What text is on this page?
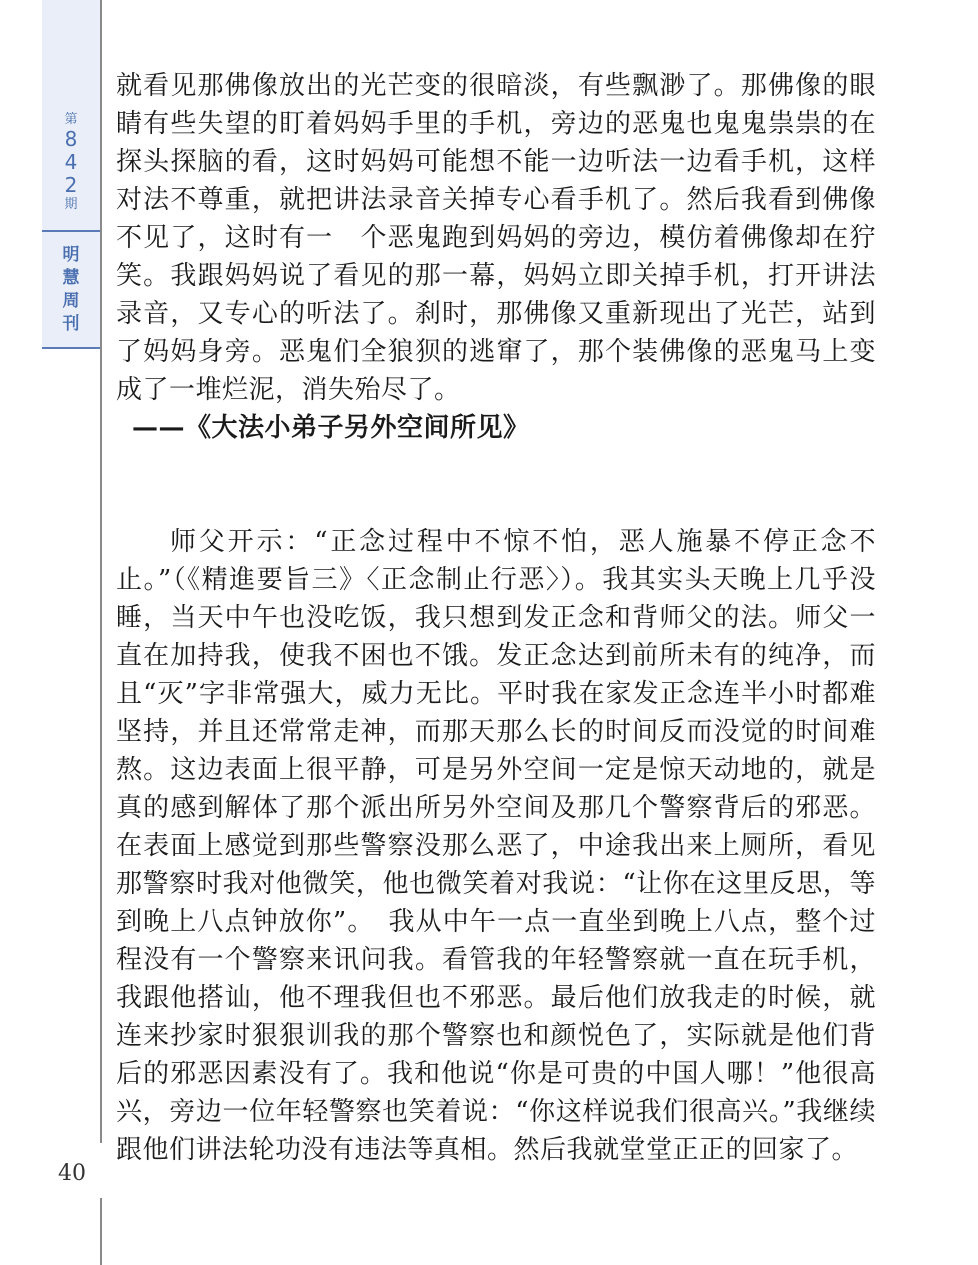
第
8
4
2
期
明
慧
周
刊
40

就看见那佛像放出的光芒变的很暗淡，有些飘渺了。那佛像的眼睛有些失望的盯着妈妈手里的手机，旁边的恶鬼也鬼鬼祟祟的在探头探脑的看，这时妈妈可能想不能一边听法一边看手机，这样对法不尊重，就把讲法录音关掉专心看手机了。然后我看到佛像不见了，这时有一　个恶鬼跑到妈妈的旁边，模仿着佛像却在狞笑。我跟妈妈说了看见的那一幕，妈妈立即关掉手机，打开讲法录音，又专心的听法了。刹时，那佛像又重新现出了光芒，站到了妈妈身旁。恶鬼们全狼狈的逃窜了，那个装佛像的恶鬼马上变成了一堆烂泥，消失殆尽了。

——《大法小弟子另外空间所见》

师父开示：“正念过程中不惊不怕，恶人施暴不停正念不止。”（《精進要旨三》〈正念制止行恶〉）。我其实头天晚上几乎没睡，当天中午也没吃饭，我只想到发正念和背师父的法。师父一直在加持我，使我不困也不饿。发正念达到前所未有的纯净，而且“灭”字非常强大，威力无比。平时我在家发正念连半小时都难坚持，并且还常常走神，而那天那么长的时间反而没觉的时间难熬。这边表面上很平静，可是另外空间一定是惊天动地的，就是真的感到解体了那个派出所另外空间及那几个警察背后的邪恶。在表面上感觉到那些警察没那么恶了，中途我出来上厕所，看见那警察时我对他微笑，他也微笑着对我说：“让你在这里反思，等到晚上八点钟放你”。　我从中午一点一直坐到晚上八点，整个过程没有一个警察来讯问我。看管我的年轻警察就一直在玩手机，我跟他搭讪，他不理我但也不邪恶。最后他们放我走的时候，就连来抄家时狠狠训我的那个警察也和颜悦色了，实际就是他们背后的邪恶因素没有了。我和他说“你是可贵的中国人哪！”他很高兴，旁边一位年轻警察也笑着说：“你这样说我们很高兴。”我继续跟他们讲法轮功没有违法等真相。然后我就堂堂正正的回家了。
